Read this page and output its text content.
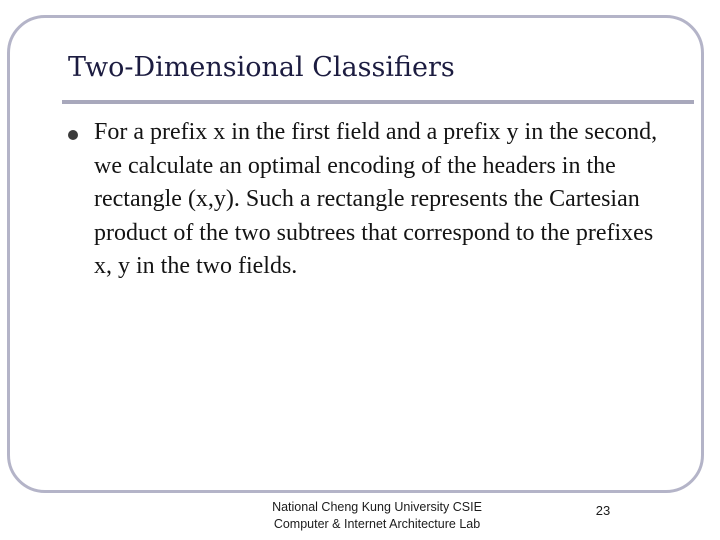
Two-Dimensional Classifiers
For a prefix x in the first field and a prefix y in the second, we calculate an optimal encoding of the headers in the rectangle (x,y). Such a rectangle represents the Cartesian product of the two subtrees that correspond to the prefixes x, y in the two fields.
National Cheng Kung University CSIE
Computer & Internet Architecture Lab
23
